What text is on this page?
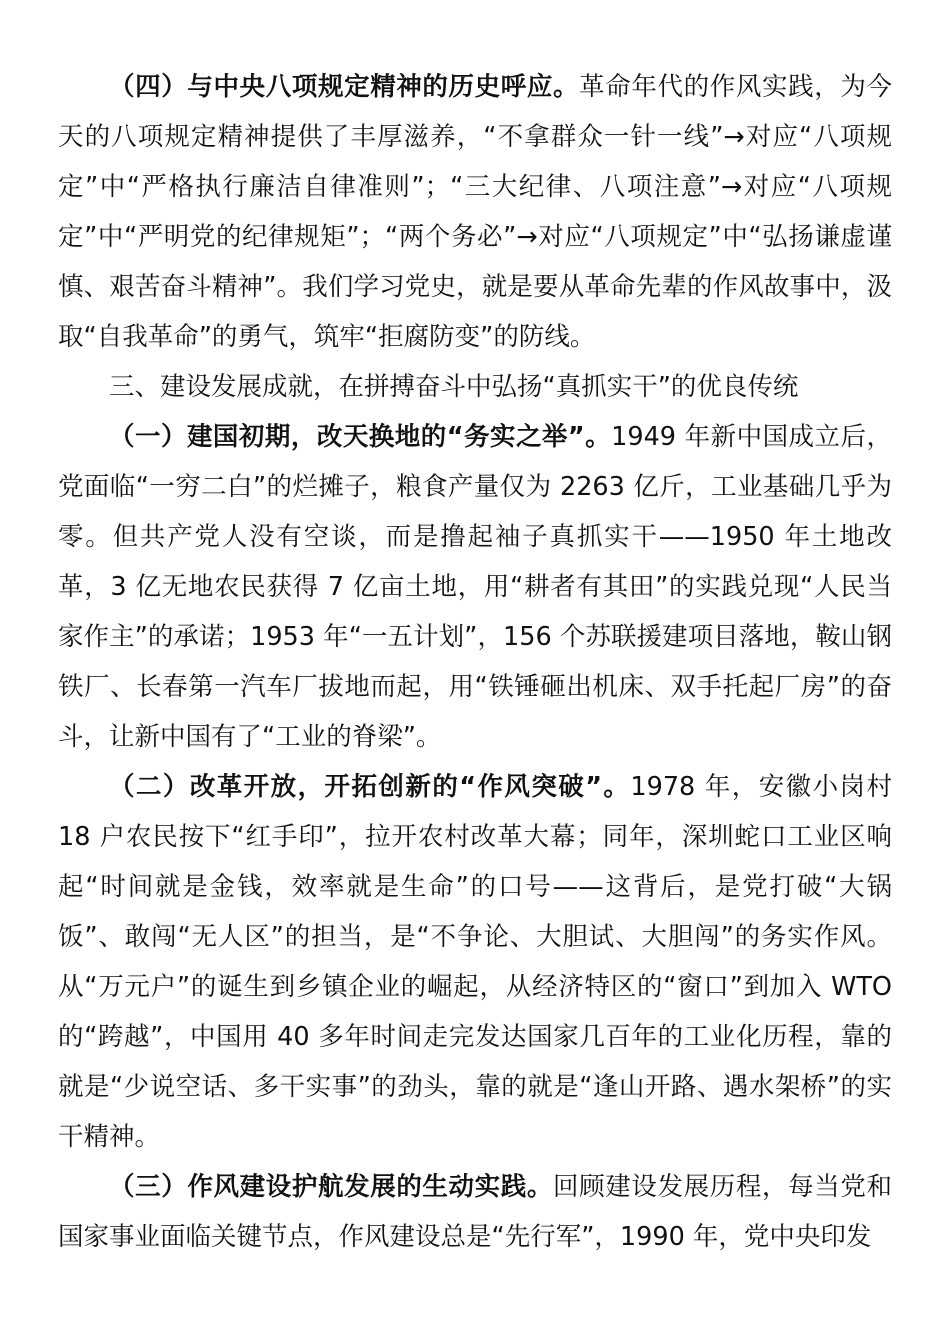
（四）与中央八项规定精神的历史呼应。革命年代的作风实践，为今天的八项规定精神提供了丰厚滋养，“不拿群众一针一线”→对应“八项规定”中“严格执行廉洁自律准则”；“三大纪律、八项注意”→对应“八项规定”中“严明党的纪律规矩”；“两个务必”→对应“八项规定”中“弘扬谦虚谨慎、艰苦奋斗精神”。我们学习党史，就是要从革命先辈的作风故事中，汲取“自我革命”的勇气，筑牢“拒腐防变”的防线。

三、建设发展成就，在拼搏奋斗中弘扬“真抓实干”的优良传统

（一）建国初期，改天换地的“务实之举”。1949 年新中国成立后，党面临“一穷二白”的烂摊子，粮食产量仅为 2263 亿斤，工业基础几乎为零。但共产党人没有空谈，而是撸起袖子真抓实干——1950 年土地改革，3 亿无地农民获得 7 亿亩土地，用“耕者有其田”的实践兑现“人民当家作主”的承诺；1953 年“一五计划”，156 个苏联援建项目落地，鞍山钢铁厂、长春第一汽车厂拔地而起，用“铁锤砸出机床、双手托起厂房”的奋斗，让新中国有了“工业的脊梁”。

（二）改革开放，开拓创新的“作风突破”。1978 年，安徽小岗村 18 户农民按下“红手印”，拉开农村改革大幕；同年，深圳蛇口工业区响起“时间就是金钱，效率就是生命”的口号——这背后，是党打破“大锅饭”、敢闯“无人区”的担当，是“不争论、大胆试、大胆闯”的务实作风。从“万元户”的诞生到乡镇企业的崛起，从经济特区的“窗口”到加入 WTO 的“跨越”，中国用 40 多年时间走完发达国家几百年的工业化历程，靠的就是“少说空话、多干实事”的劲头，靠的就是“逢山开路、遇水架桥”的实干精神。

（三）作风建设护航发展的生动实践。回顾建设发展历程，每当党和国家事业面临关键节点，作风建设总是“先行军”，1990 年，党中央印发
